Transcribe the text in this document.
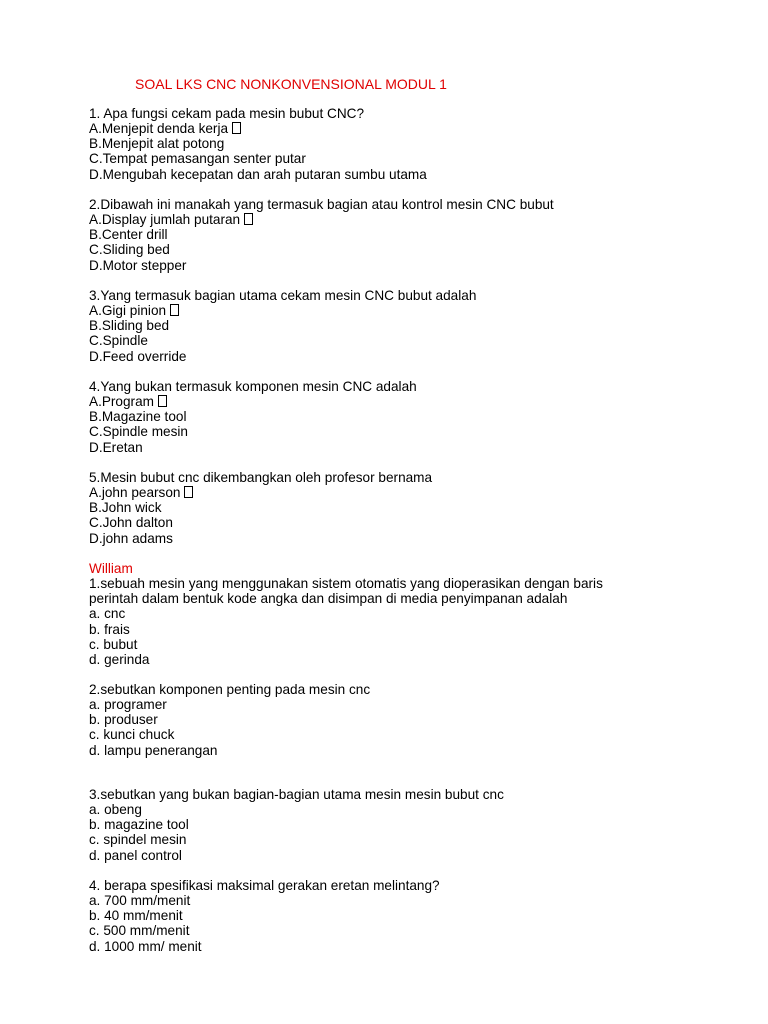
SOAL LKS CNC NONKONVENSIONAL MODUL 1
1. Apa fungsi cekam pada mesin bubut CNC?
A.Menjepit denda kerja
B.Menjepit alat potong
C.Tempat pemasangan senter putar
D.Mengubah kecepatan dan arah putaran sumbu utama
2.Dibawah ini manakah yang termasuk bagian atau kontrol mesin CNC bubut
A.Display jumlah putaran
B.Center drill
C.Sliding bed
D.Motor stepper
3.Yang termasuk bagian utama cekam mesin CNC bubut adalah
A.Gigi pinion
B.Sliding bed
C.Spindle
D.Feed override
4.Yang bukan termasuk komponen mesin CNC adalah
A.Program
B.Magazine tool
C.Spindle mesin
D.Eretan
5.Mesin bubut cnc dikembangkan oleh profesor bernama
A.john pearson
B.John wick
C.John dalton
D.john adams
William
1.sebuah mesin yang menggunakan sistem otomatis yang dioperasikan dengan baris
perintah dalam bentuk kode angka dan disimpan di media penyimpanan adalah
a. cnc
b. frais
c. bubut
d. gerinda
2.sebutkan komponen penting pada mesin cnc
a. programer
b. produser
c. kunci chuck
d. lampu penerangan
3.sebutkan yang bukan bagian-bagian utama mesin mesin bubut cnc
a. obeng
b. magazine tool
c. spindel mesin
d. panel control
4. berapa spesifikasi maksimal gerakan eretan melintang?
a. 700 mm/menit
b. 40 mm/menit
c. 500 mm/menit
d. 1000 mm/ menit
